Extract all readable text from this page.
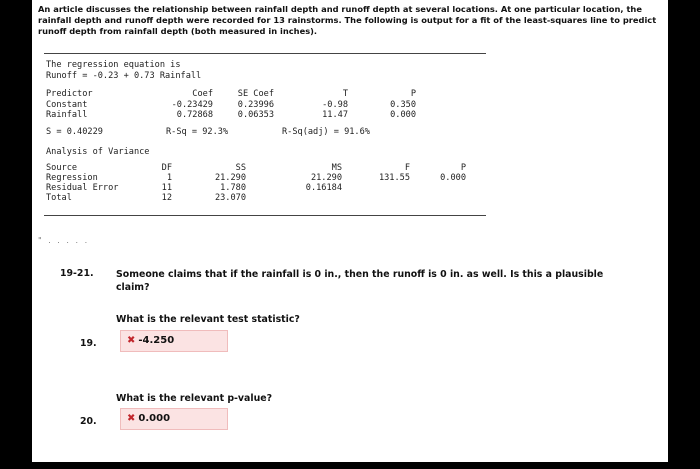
An article discusses the relationship between rainfall depth and runoff depth at several locations. At one particular location, the rainfall depth and runoff depth were recorded for 13 rainstorms. The following is output for a fit of the least-squares line to predict runoff depth from rainfall depth (both measured in inches).
The regression equation is
Runoff = -0.23 + 0.73 Rainfall
Predictor	Coef	SE Coef	T	P
Constant	-0.23429	0.23996	-0.98	0.350
Rainfall	0.72868	0.06353	11.47	0.000
S = 0.40229	R-Sq = 92.3%	R-Sq(adj) = 91.6%
Analysis of Variance
Source	DF	SS	MS	F	P
Regression	1	21.290	21.290	131.55	0.000
Residual Error	11	1.780	0.16184
Total	12	23.070
" . . . . .
19-21. Someone claims that if the rainfall is 0 in., then the runoff is 0 in. as well. Is this a plausible claim?
What is the relevant test statistic?
19.	✖ -4.250
What is the relevant p-value?
20.	✖ 0.000
